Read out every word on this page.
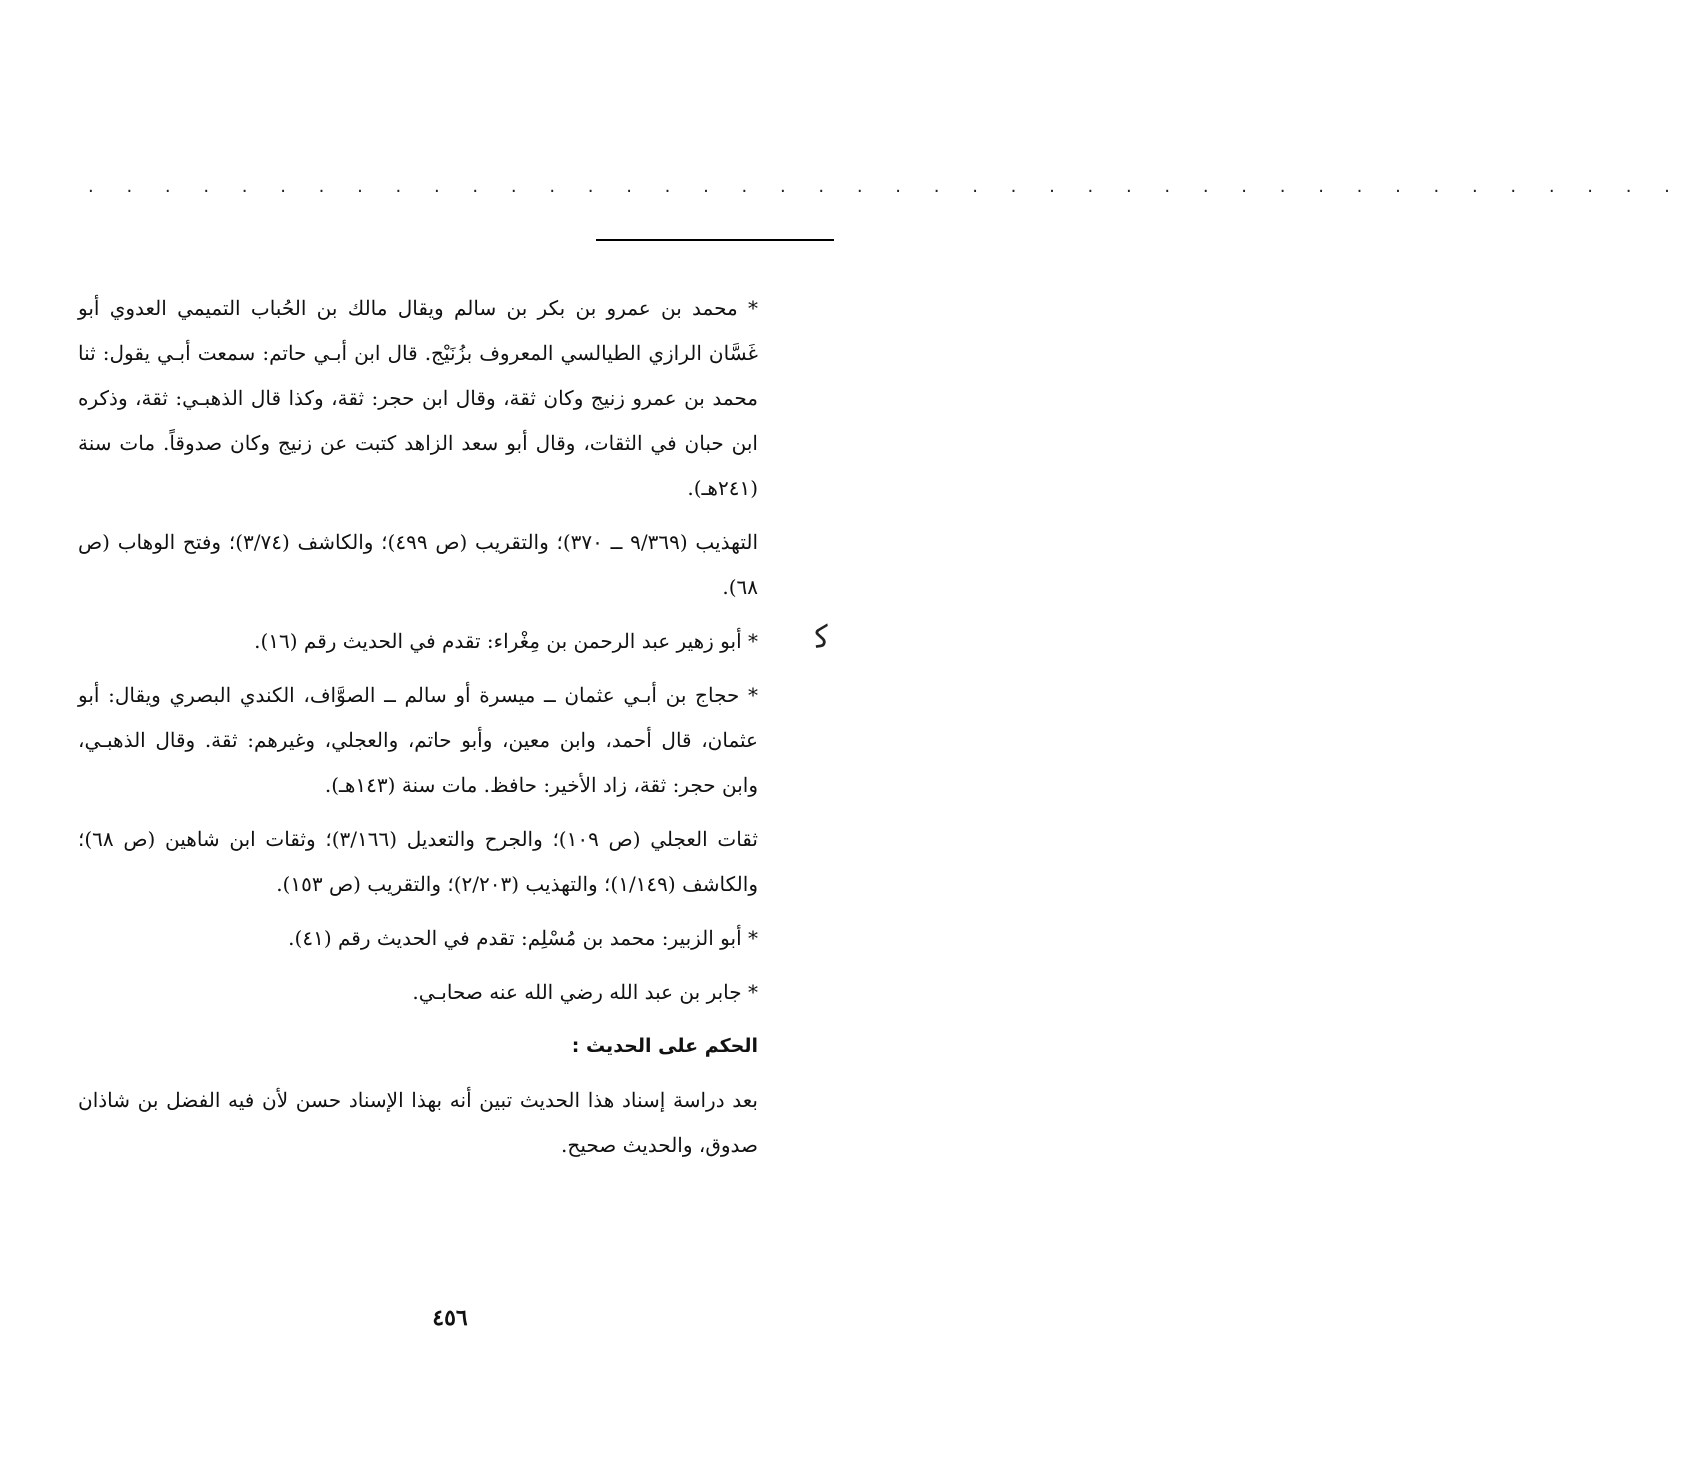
. . . . . . . . . . . . . . . . . . . . . . . . . . . . . . . . . . . . . . . . . .
ﮐ

* محمد بن عمرو بن بكر بن سالم ويقال مالك بن الحُباب التميمي العدوي أبو غَسَّان الرازي الطيالسي المعروف بزُنَيْج. قال ابن أبـي حاتم: سمعت أبـي يقول: ثنا محمد بن عمرو زنيج وكان ثقة، وقال ابن حجر: ثقة، وكذا قال الذهبـي: ثقة، وذكره ابن حبان في الثقات، وقال أبو سعد الزاهد كتبت عن زنيج وكان صدوقاً. مات سنة (٢٤١هـ).

التهذيب (٩/٣٦٩ ــ ٣٧٠)؛ والتقريب (ص ٤٩٩)؛ والكاشف (٣/٧٤)؛ وفتح الوهاب (ص ٦٨).

* أبو زهير عبد الرحمن بن مِغْراء: تقدم في الحديث رقم (١٦).

* حجاج بن أبـي عثمان ــ ميسرة أو سالم ــ الصوَّاف، الكندي البصري ويقال: أبو عثمان، قال أحمد، وابن معين، وأبو حاتم، والعجلي، وغيرهم: ثقة. وقال الذهبـي، وابن حجر: ثقة، زاد الأخير: حافظ. مات سنة (١٤٣هـ).

ثقات العجلي (ص ١٠٩)؛ والجرح والتعديل (٣/١٦٦)؛ وثقات ابن شاهين (ص ٦٨)؛ والكاشف (١/١٤٩)؛ والتهذيب (٢/٢٠٣)؛ والتقريب (ص ١٥٣).

* أبو الزبير: محمد بن مُسْلِم: تقدم في الحديث رقم (٤١).

* جابر بن عبد الله رضي الله عنه صحابـي.

الحكم على الحديث :

بعد دراسة إسناد هذا الحديث تبين أنه بهذا الإسناد حسن لأن فيه الفضل بن شاذان صدوق، والحديث صحيح.

٤٥٦
